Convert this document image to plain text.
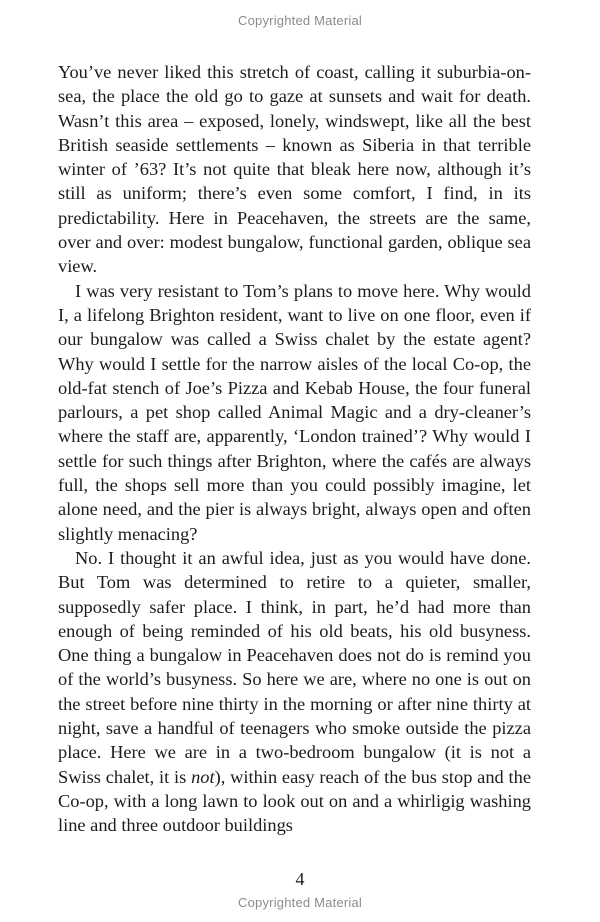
Copyrighted Material

You’ve never liked this stretch of coast, calling it suburbia-on-sea, the place the old go to gaze at sunsets and wait for death. Wasn’t this area – exposed, lonely, windswept, like all the best British seaside settlements – known as Siberia in that terrible winter of ’63? It’s not quite that bleak here now, although it’s still as uniform; there’s even some comfort, I find, in its predictability. Here in Peacehaven, the streets are the same, over and over: modest bungalow, functional garden, oblique sea view.

I was very resistant to Tom’s plans to move here. Why would I, a lifelong Brighton resident, want to live on one floor, even if our bungalow was called a Swiss chalet by the estate agent? Why would I settle for the narrow aisles of the local Co-op, the old-fat stench of Joe’s Pizza and Kebab House, the four funeral parlours, a pet shop called Animal Magic and a dry-cleaner’s where the staff are, apparently, ‘London trained’? Why would I settle for such things after Brighton, where the cafés are always full, the shops sell more than you could possibly imagine, let alone need, and the pier is always bright, always open and often slightly menacing?

No. I thought it an awful idea, just as you would have done. But Tom was determined to retire to a quieter, smaller, supposedly safer place. I think, in part, he’d had more than enough of being reminded of his old beats, his old busyness. One thing a bungalow in Peacehaven does not do is remind you of the world’s busyness. So here we are, where no one is out on the street before nine thirty in the morning or after nine thirty at night, save a handful of teenagers who smoke outside the pizza place. Here we are in a two-bedroom bungalow (it is not a Swiss chalet, it is not), within easy reach of the bus stop and the Co-op, with a long lawn to look out on and a whirligig washing line and three outdoor buildings

4
Copyrighted Material
